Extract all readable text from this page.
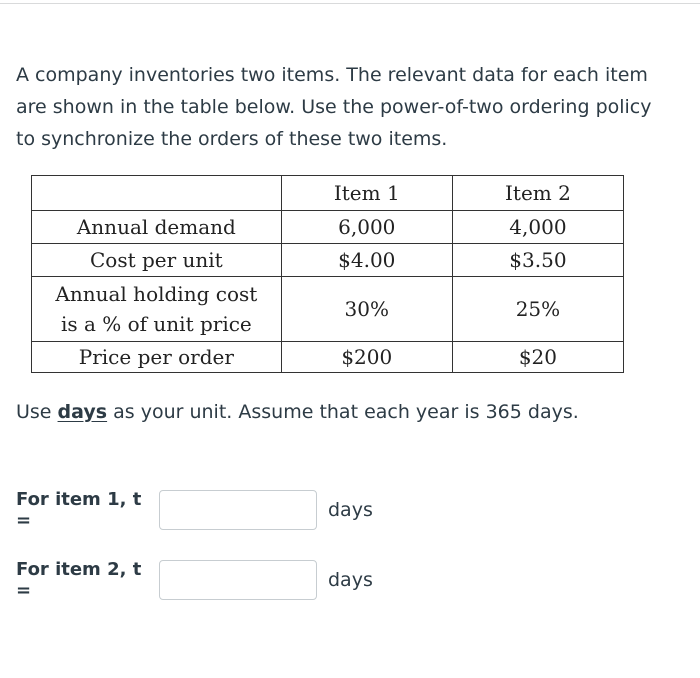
A company inventories two items. The relevant data for each item
are shown in the table below. Use the power-of-two ordering policy
to synchronize the orders of these two items.
	Item 1	Item 2
Annual demand	6,000	4,000
Cost per unit	$4.00	$3.50

Annual holding cost
is a % of unit price	30%	25%
Price per order	$200	$20
Use days as your unit. Assume that each year is 365 days.
For item 1, t =	days
For item 2, t =	days
